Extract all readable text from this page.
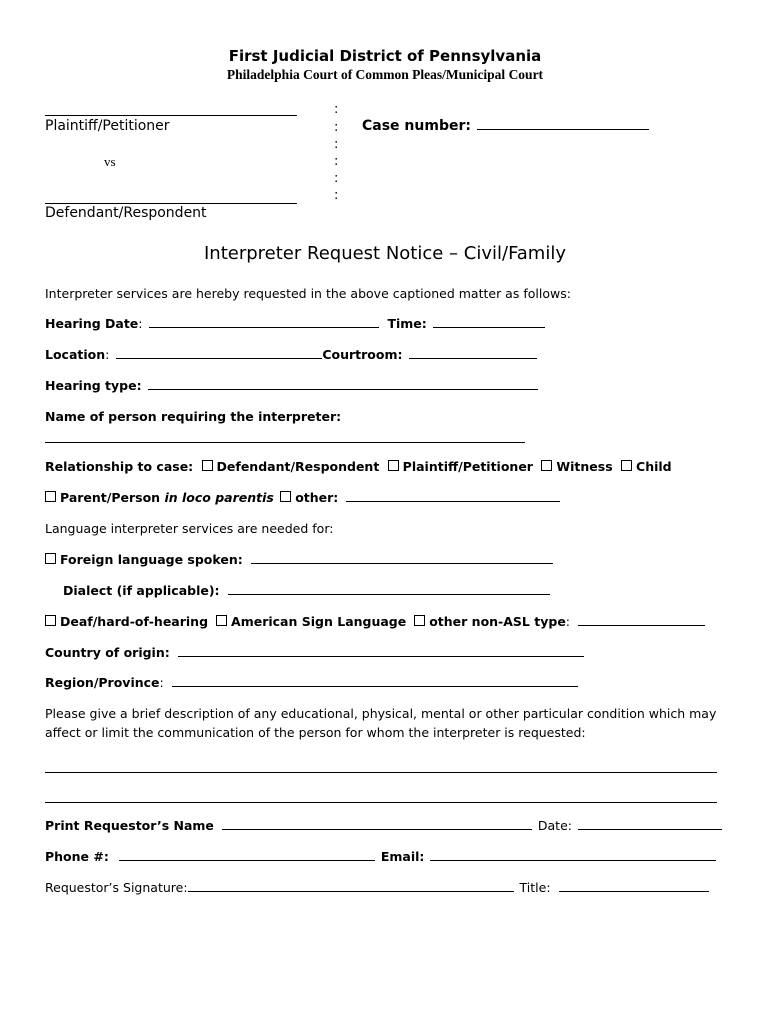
First Judicial District of Pennsylvania
Philadelphia Court of Common Pleas/Municipal Court
Plaintiff/Petitioner
vs
Defendant/Respondent
:
:
:
:
:
:
Case number:
Interpreter Request Notice – Civil/Family
Interpreter services are hereby requested in the above captioned matter as follows:
Hearing Date:	Time:
Location:	Courtroom:
Hearing type:
Name of person requiring the interpreter:
Relationship to case: Defendant/Respondent Plaintiff/Petitioner Witness Child
Parent/Person in loco parentis other:
Language interpreter services are needed for:
Foreign language spoken:
Dialect (if applicable):
Deaf/hard-of-hearing American Sign Language other non-ASL type:
Country of origin:
Region/Province:
Please give a brief description of any educational, physical, mental or other particular condition which may
affect or limit the communication of the person for whom the interpreter is requested:
Print Requestor’s Name	Date:
Phone #:	Email:
Requestor’s Signature:	Title:
